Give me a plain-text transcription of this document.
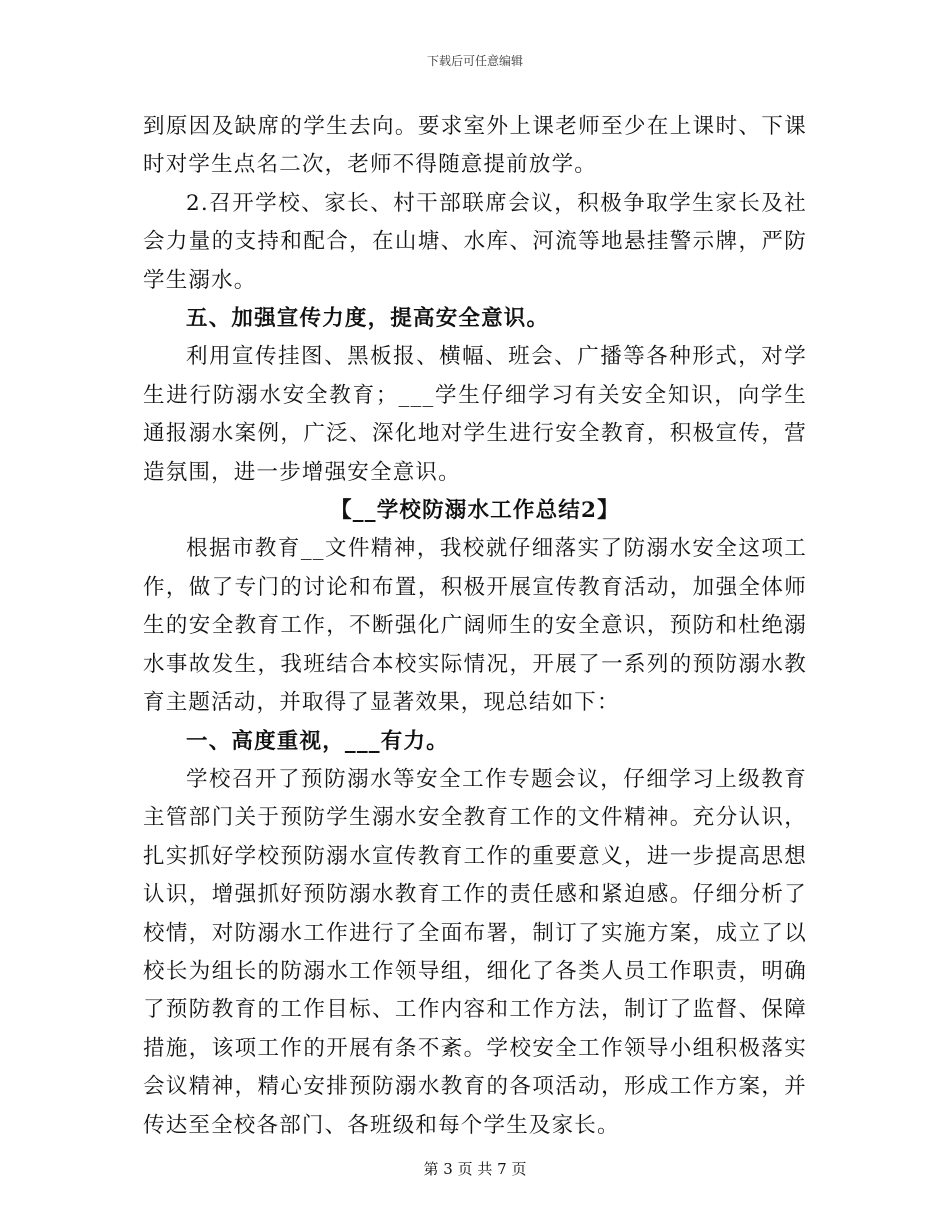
下载后可任意编辑

到原因及缺席的学生去向。要求室外上课老师至少在上课时、下课时对学生点名二次，老师不得随意提前放学。

2.召开学校、家长、村干部联席会议，积极争取学生家长及社会力量的支持和配合，在山塘、水库、河流等地悬挂警示牌，严防学生溺水。

五、加强宣传力度，提高安全意识。

利用宣传挂图、黑板报、横幅、班会、广播等各种形式，对学生进行防溺水安全教育；___学生仔细学习有关安全知识，向学生通报溺水案例，广泛、深化地对学生进行安全教育，积极宣传，营造氛围，进一步增强安全意识。

【__学校防溺水工作总结2】

根据市教育__文件精神，我校就仔细落实了防溺水安全这项工作，做了专门的讨论和布置，积极开展宣传教育活动，加强全体师生的安全教育工作，不断强化广阔师生的安全意识，预防和杜绝溺水事故发生，我班结合本校实际情况，开展了一系列的预防溺水教育主题活动，并取得了显著效果，现总结如下：

一、高度重视，___有力。

学校召开了预防溺水等安全工作专题会议，仔细学习上级教育主管部门关于预防学生溺水安全教育工作的文件精神。充分认识，扎实抓好学校预防溺水宣传教育工作的重要意义，进一步提高思想认识，增强抓好预防溺水教育工作的责任感和紧迫感。仔细分析了校情，对防溺水工作进行了全面布署，制订了实施方案，成立了以校长为组长的防溺水工作领导组，细化了各类人员工作职责，明确了预防教育的工作目标、工作内容和工作方法，制订了监督、保障措施，该项工作的开展有条不紊。学校安全工作领导小组积极落实会议精神，精心安排预防溺水教育的各项活动，形成工作方案，并传达至全校各部门、各班级和每个学生及家长。

第 3 页 共 7 页
